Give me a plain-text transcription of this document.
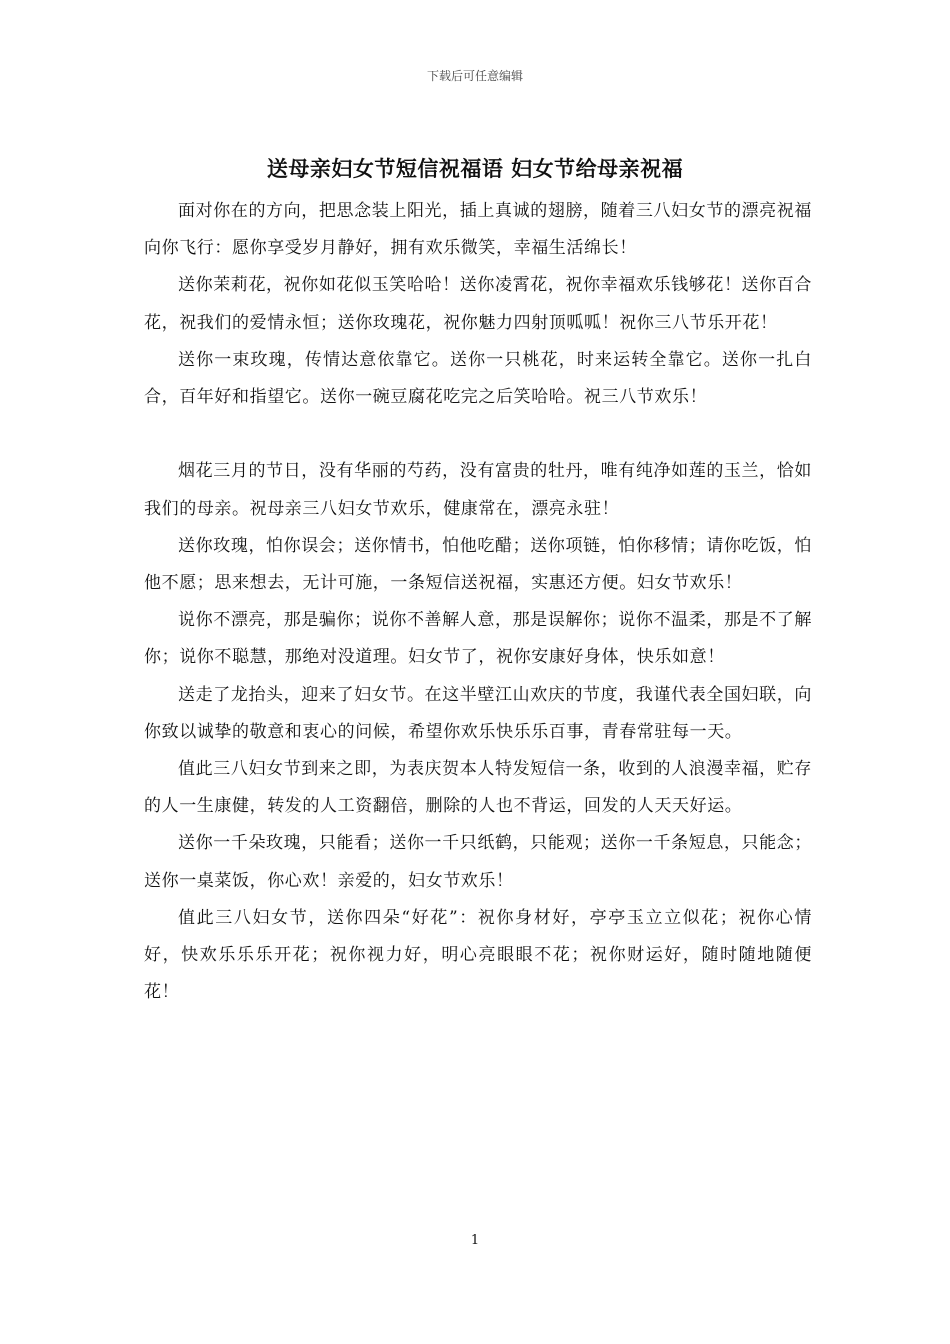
下载后可任意编辑
送母亲妇女节短信祝福语 妇女节给母亲祝福

面对你在的方向，把思念装上阳光，插上真诚的翅膀，随着三八妇女节的漂亮祝福向你飞行：愿你享受岁月静好，拥有欢乐微笑，幸福生活绵长！

送你茉莉花，祝你如花似玉笑哈哈！送你凌霄花，祝你幸福欢乐钱够花！送你百合花，祝我们的爱情永恒；送你玫瑰花，祝你魅力四射顶呱呱！祝你三八节乐开花！

送你一束玫瑰，传情达意依靠它。送你一只桃花，时来运转全靠它。送你一扎白合，百年好和指望它。送你一碗豆腐花吃完之后笑哈哈。祝三八节欢乐！

烟花三月的节日，没有华丽的芍药，没有富贵的牡丹，唯有纯净如莲的玉兰，恰如我们的母亲。祝母亲三八妇女节欢乐，健康常在，漂亮永驻！

送你玫瑰，怕你误会；送你情书，怕他吃醋；送你项链，怕你移情；请你吃饭，怕他不愿；思来想去，无计可施，一条短信送祝福，实惠还方便。妇女节欢乐！

说你不漂亮，那是骗你；说你不善解人意，那是误解你；说你不温柔，那是不了解你；说你不聪慧，那绝对没道理。妇女节了，祝你安康好身体，快乐如意！

送走了龙抬头，迎来了妇女节。在这半壁江山欢庆的节度，我谨代表全国妇联，向你致以诚挚的敬意和衷心的问候，希望你欢乐快乐乐百事，青春常驻每一天。

值此三八妇女节到来之即，为表庆贺本人特发短信一条，收到的人浪漫幸福，贮存的人一生康健，转发的人工资翻倍，删除的人也不背运，回发的人天天好运。

送你一千朵玫瑰，只能看；送你一千只纸鹤，只能观；送你一千条短息，只能念；送你一桌菜饭，你心欢！亲爱的，妇女节欢乐！

值此三八妇女节，送你四朵“好花”：祝你身材好，亭亭玉立立似花；祝你心情好，快欢乐乐乐开花；祝你视力好，明心亮眼眼不花；祝你财运好，随时随地随便花！

1
